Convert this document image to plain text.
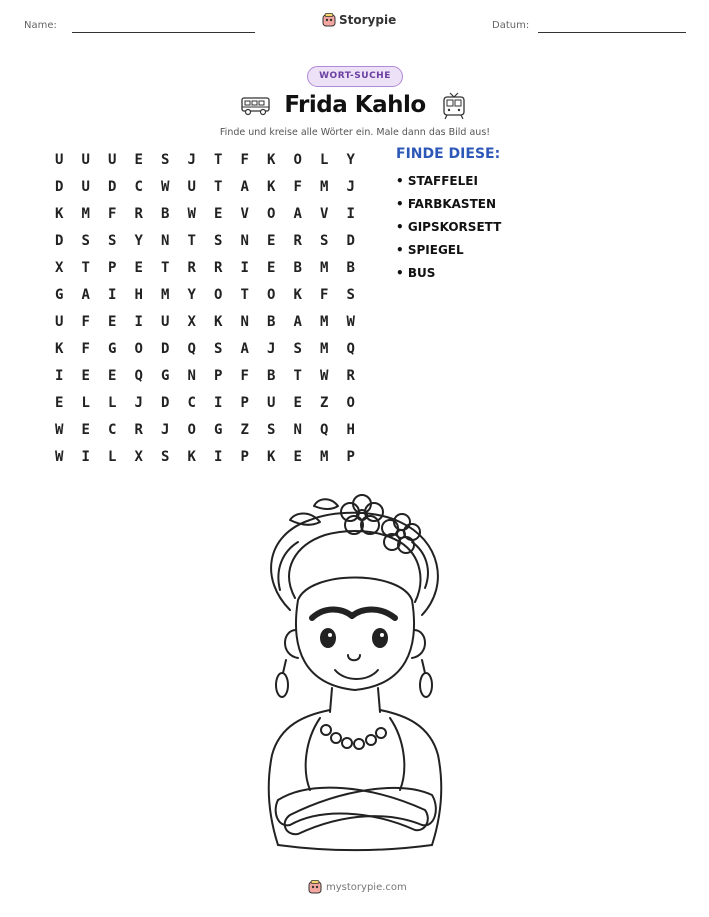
Name:	Storypie	Datum:
WORT-SUCHE
Frida Kahlo
Finde und kreise alle Wörter ein. Male dann das Bild aus!
U	U	U	E	S	J	T	F	K	O	L	Y
D	U	D	C	W	U	T	A	K	F	M	J
K	M	F	R	B	W	E	V	O	A	V	I
D	S	S	Y	N	T	S	N	E	R	S	D
X	T	P	E	T	R	R	I	E	B	M	B
G	A	I	H	M	Y	O	T	O	K	F	S
U	F	E	I	U	X	K	N	B	A	M	W
K	F	G	O	D	Q	S	A	J	S	M	Q
I	E	E	Q	G	N	P	F	B	T	W	R
E	L	L	J	D	C	I	P	U	E	Z	O
W	E	C	R	J	O	G	Z	S	N	Q	H
W	I	L	X	S	K	I	P	K	E	M	P
FINDE DIESE:
• STAFFELEI
• FARBKASTEN
• GIPSKORSETT
• SPIEGEL
• BUS
mystorypie.com
